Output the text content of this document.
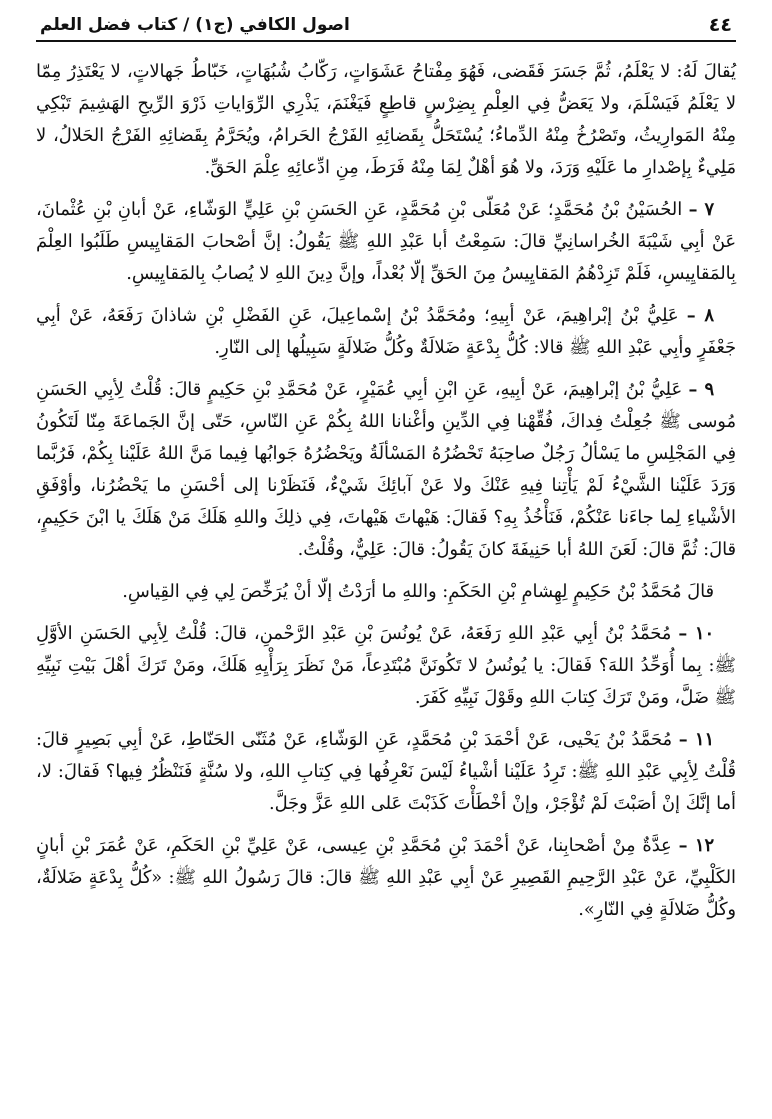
٤٤
اصول الكافي (ج١) / كتاب فضل العلم

يُقالَ لَهُ: لا يَعْلَمُ، ثُمَّ جَسَرَ فَقَضى، فَهُوَ مِفْتاحُ عَشَوَاتٍ، رَكّابُ شُبُهَاتٍ، خَبّاطُ جَهالاتٍ، لا يَعْتَذِرُ مِمّا لا يَعْلَمُ فَيَسْلَمَ، ولا يَعَضُّ فِي العِلْمِ بِضِرْسٍ قاطِعٍ فَيَغْنَمَ، يَذْرِي الرِّوَاياتِ ذَرْوَ الرِّيحِ الهَشِيمَ تَبْكِي مِنْهُ المَوارِيثُ، وتَصْرُخُ مِنْهُ الدِّماءُ؛ يُسْتَحَلُّ بِقَضائِهِ الفَرْجُ الحَرامُ، ويُحَرَّمُ بِقَضائِهِ الفَرْجُ الحَلالُ، لا مَلِيءٌ بِإصْدارِ ما عَلَيْهِ وَرَدَ، ولا هُوَ أهْلٌ لِمَا مِنْهُ فَرَطَ، مِنِ ادِّعائِهِ عِلْمَ الحَقِّ.

٧ – الحُسَيْنُ بْنُ مُحَمَّدٍ؛ عَنْ مُعَلّى بْنِ مُحَمَّدٍ، عَنِ الحَسَنِ بْنِ عَلِيٍّ الوَشّاءِ، عَنْ أبانِ بْنِ عُثْمانَ، عَنْ أبِي شَيْبَةَ الخُراسانِيِّ قالَ: سَمِعْتُ أبا عَبْدِ اللهِ ﷺ يَقُولُ: إنَّ أصْحابَ المَقايِيسِ طَلَبُوا العِلْمَ بِالمَقايِيسِ، فَلَمْ تَزِدْهُمُ المَقايِيسُ مِنَ الحَقِّ إلّا بُعْداً، وإنَّ دِينَ اللهِ لا يُصابُ بِالمَقايِيسِ.

٨ – عَلِيُّ بْنُ إبْراهِيمَ، عَنْ أبِيهِ؛ ومُحَمَّدُ بْنُ إسْماعِيلَ، عَنِ الفَضْلِ بْنِ شاذانَ رَفَعَهُ، عَنْ أبِي جَعْفَرٍ وأبِي عَبْدِ اللهِ ﷺ قالا: كُلُّ بِدْعَةٍ ضَلالَةٌ وكُلُّ ضَلالَةٍ سَبِيلُها إلى النّارِ.

٩ – عَلِيُّ بْنُ إبْراهِيمَ، عَنْ أبِيهِ، عَنِ ابْنِ أبِي عُمَيْرٍ، عَنْ مُحَمَّدِ بْنِ حَكِيمٍ قالَ: قُلْتُ لِأبِي الحَسَنِ مُوسى ﷺ جُعِلْتُ فِداكَ، فُقِّهْنا فِي الدِّينِ وأغْنانا اللهُ بِكُمْ عَنِ النّاسِ، حَتّى إنَّ الجَماعَةَ مِنّا لَتَكُونُ فِي المَجْلِسِ ما يَسْألُ رَجُلٌ صاحِبَهُ تَحْضُرُهُ المَسْألَةُ ويَحْضُرُهُ جَوابُها فِيما مَنَّ اللهُ عَلَيْنا بِكُمْ، فَرُبَّما وَرَدَ عَلَيْنا الشَّيْءُ لَمْ يَأْتِنا فِيهِ عَنْكَ ولا عَنْ آبائِكَ شَيْءٌ، فَنَظَرْنا إلى أحْسَنِ ما يَحْضُرُنا، وأوْفَقِ الأشْياءِ لِما جاءَنا عَنْكُمْ، فَنَأْخُذُ بِهِ؟ فَقالَ: هَيْهاتَ هَيْهاتَ، فِي ذلِكَ واللهِ هَلَكَ مَنْ هَلَكَ يا ابْنَ حَكِيمٍ، قالَ: ثُمَّ قالَ: لَعَنَ اللهُ أبا حَنِيفَةَ كانَ يَقُولُ: قالَ: عَلِيٌّ، وقُلْتُ.

قالَ مُحَمَّدُ بْنُ حَكِيمٍ لِهِشامِ بْنِ الحَكَمِ: واللهِ ما أرَدْتُ إلّا أنْ يُرَخِّصَ لِي فِي القِياسِ.

١٠ – مُحَمَّدُ بْنُ أبِي عَبْدِ اللهِ رَفَعَهُ، عَنْ يُونُسَ بْنِ عَبْدِ الرَّحْمنِ، قالَ: قُلْتُ لِأبِي الحَسَنِ الأوَّلِ ﷺ: بِما أُوَحِّدُ اللهَ؟ فَقالَ: يا يُونُسُ لا تَكُونَنَّ مُبْتَدِعاً، مَنْ نَظَرَ بِرَأْيِهِ هَلَكَ، ومَنْ تَرَكَ أهْلَ بَيْتِ نَبِيِّهِ ﷺ ضَلَّ، ومَنْ تَرَكَ كِتابَ اللهِ وقَوْلَ نَبِيِّهِ كَفَرَ.

١١ – مُحَمَّدُ بْنُ يَحْيى، عَنْ أحْمَدَ بْنِ مُحَمَّدٍ، عَنِ الوَشّاءِ، عَنْ مُثَنّى الحَنّاطِ، عَنْ أبِي بَصِيرٍ قالَ: قُلْتُ لِأبِي عَبْدِ اللهِ ﷺ: تَرِدُ عَلَيْنا أشْياءُ لَيْسَ نَعْرِفُها فِي كِتابِ اللهِ، ولا سُنَّةٍ فَنَنْظُرُ فِيها؟ فَقالَ: لا، أما إنَّكَ إنْ أصَبْتَ لَمْ تُؤْجَرْ، وإنْ أخْطَأْتَ كَذَبْتَ عَلى اللهِ عَزَّ وجَلَّ.

١٢ – عِدَّةٌ مِنْ أصْحابِنا، عَنْ أحْمَدَ بْنِ مُحَمَّدِ بْنِ عِيسى، عَنْ عَلِيِّ بْنِ الحَكَمِ، عَنْ عُمَرَ بْنِ أبانٍ الكَلْبِيِّ، عَنْ عَبْدِ الرَّحِيمِ القَصِيرِ عَنْ أبِي عَبْدِ اللهِ ﷺ قالَ: قالَ رَسُولُ اللهِ ﷺ: «كُلُّ بِدْعَةٍ ضَلالَةٌ، وكُلُّ ضَلالَةٍ فِي النّارِ».
